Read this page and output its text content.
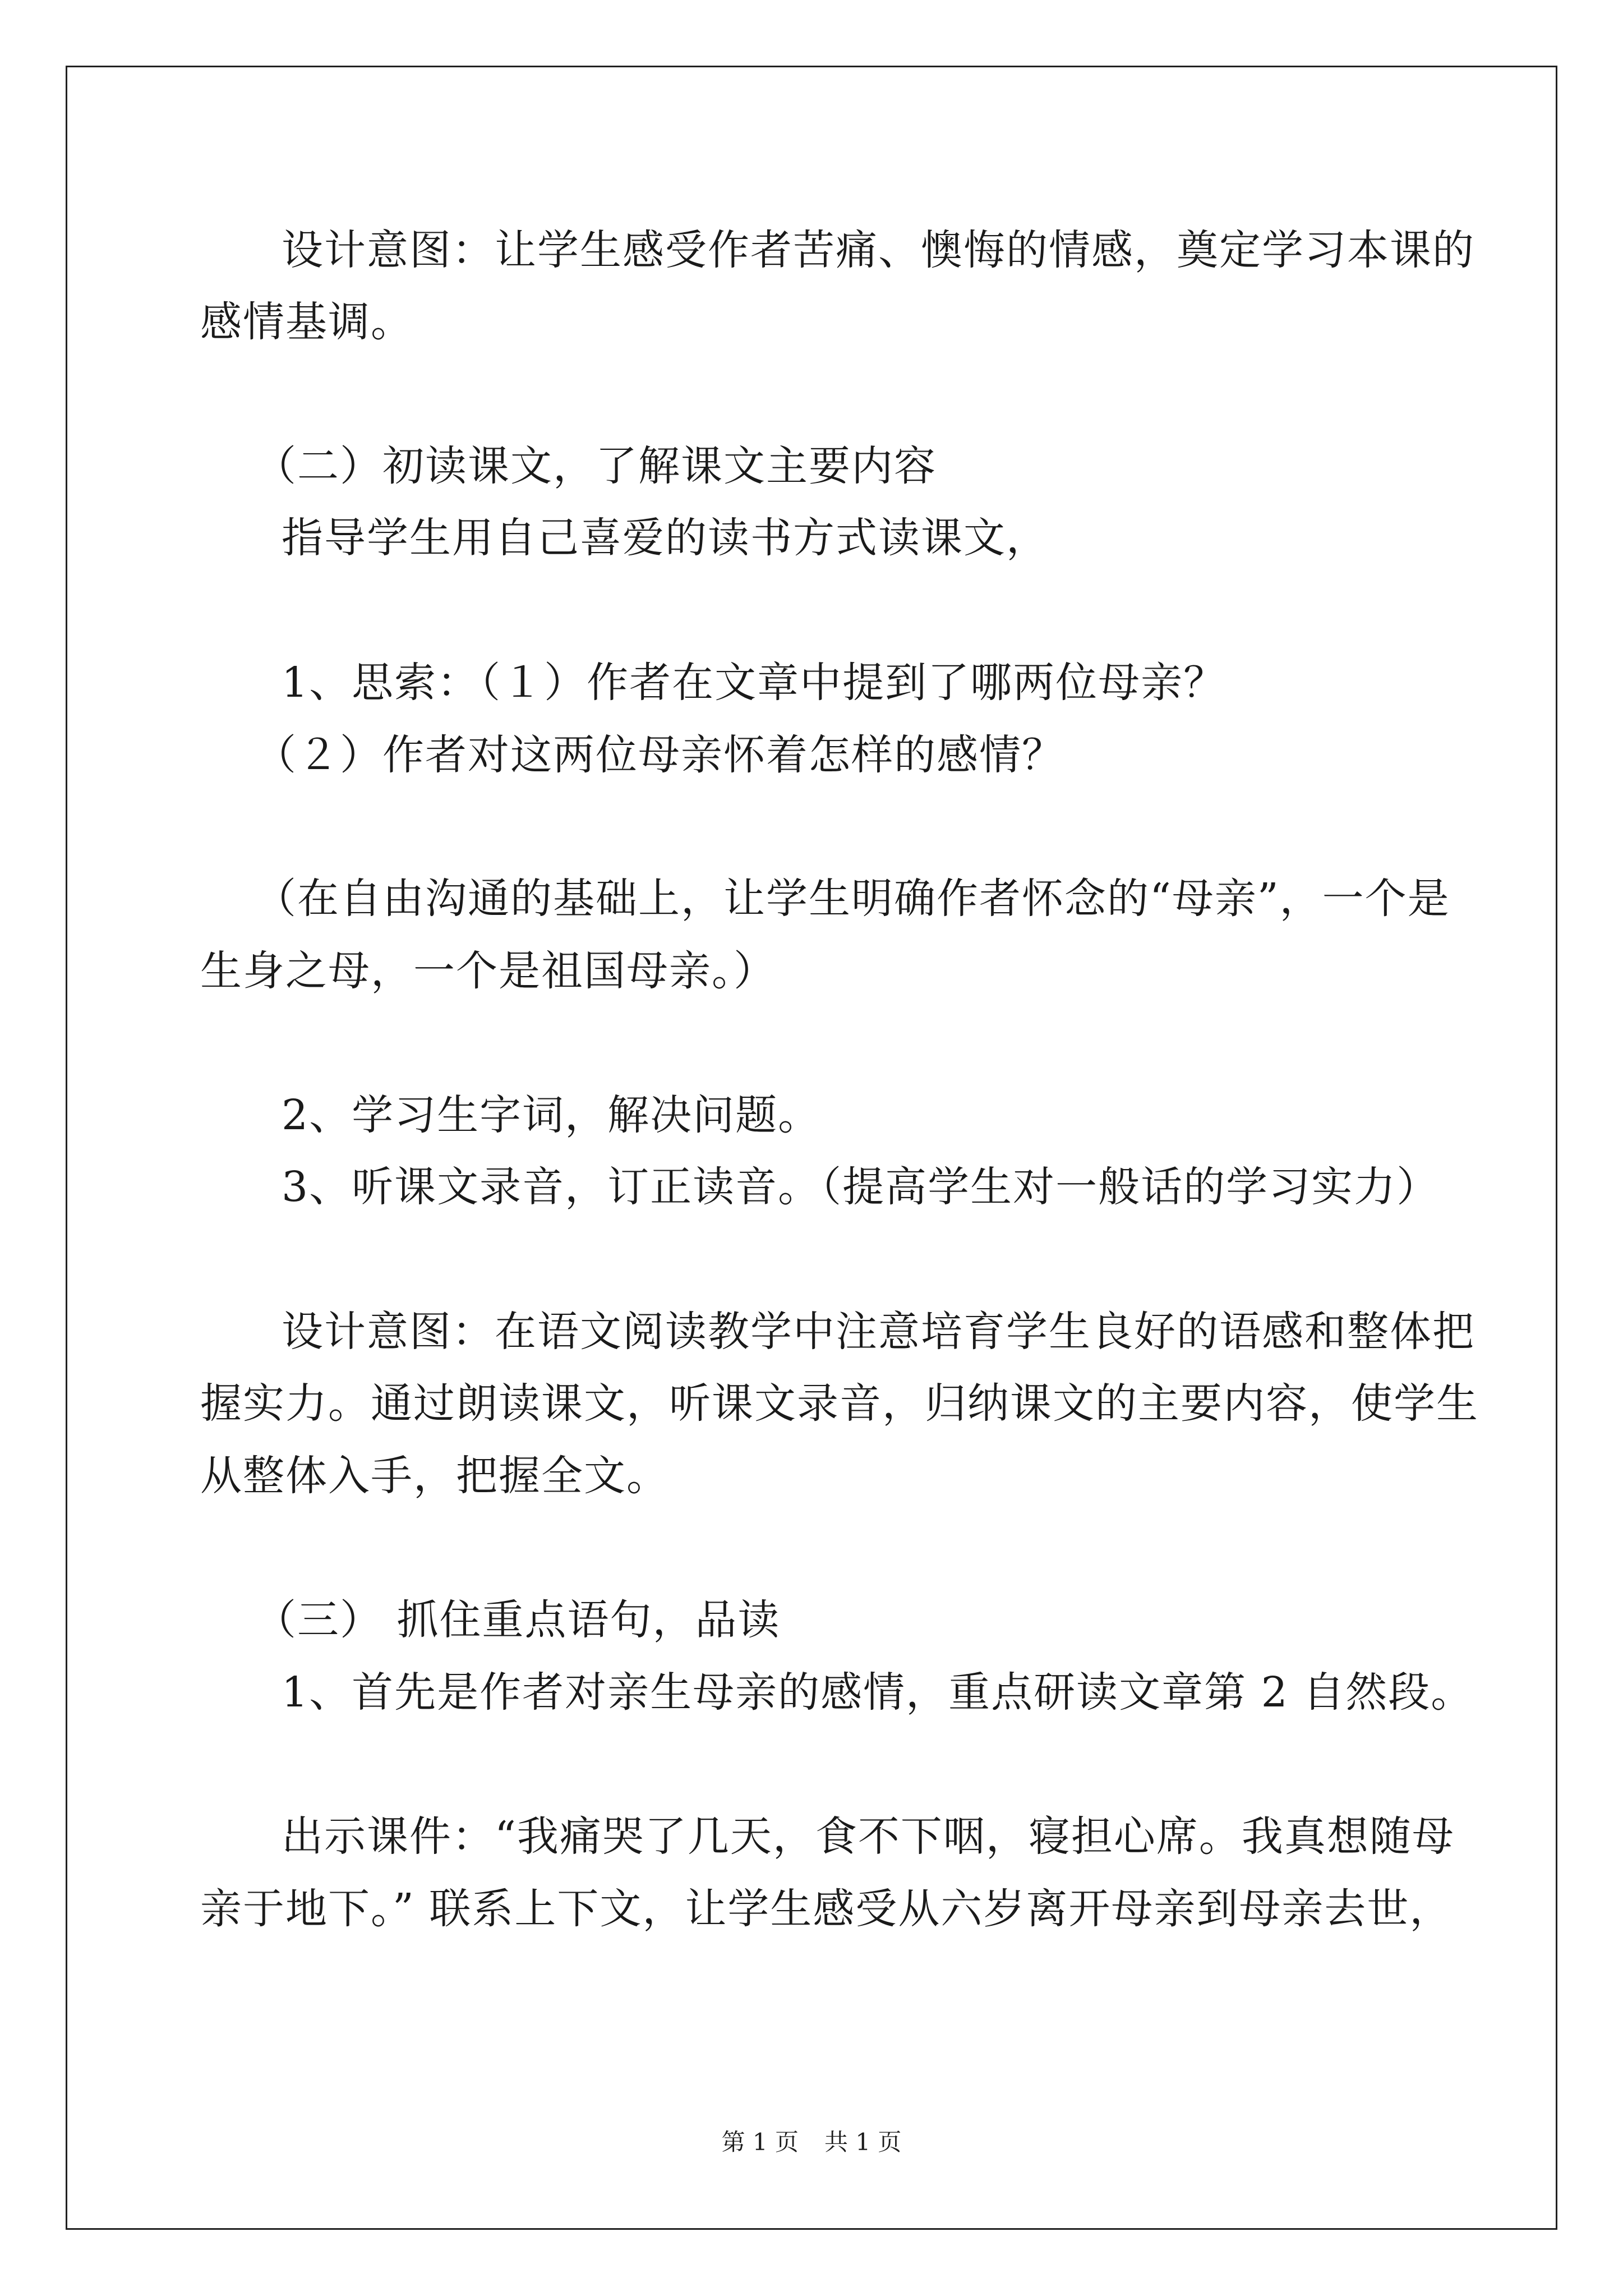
设计意图：让学生感受作者苦痛、懊悔的情感，奠定学习本课的
感情基调。
（二）初读课文，了解课文主要内容
指导学生用自己喜爱的读书方式读课文，
1、思索：（１）作者在文章中提到了哪两位母亲？
（２）作者对这两位母亲怀着怎样的感情？
（在自由沟通的基础上，让学生明确作者怀念的“母亲”，一个是
生身之母，一个是祖国母亲。）
2、学习生字词，解决问题。
3、听课文录音，订正读音。（提高学生对一般话的学习实力）
设计意图：在语文阅读教学中注意培育学生良好的语感和整体把
握实力。通过朗读课文，听课文录音，归纳课文的主要内容，使学生
从整体入手，把握全文。
（三） 抓住重点语句，品读
1、首先是作者对亲生母亲的感情，重点研读文章第 2 自然段。
出示课件：“我痛哭了几天，食不下咽，寝担心席。我真想随母
亲于地下。” 联系上下文，让学生感受从六岁离开母亲到母亲去世，
第 1 页 共 1 页
